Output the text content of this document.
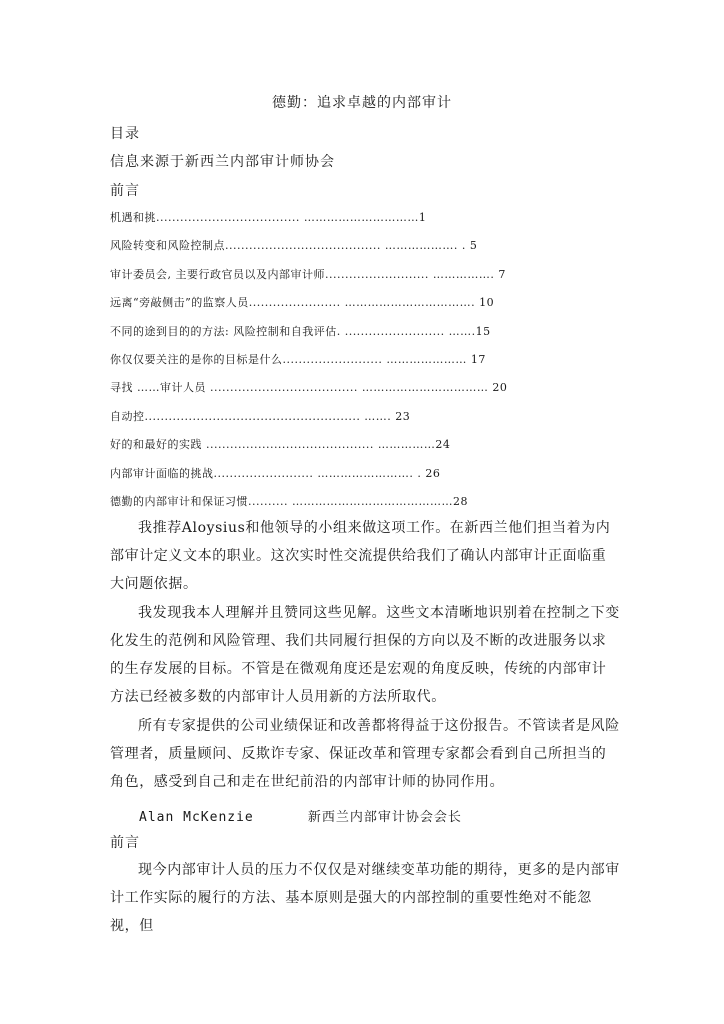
德勤：追求卓越的内部审计
目录
信息来源于新西兰内部审计师协会
前言
机遇和挑.................................... …………………………1
风险转变和风险控制点....................................... ………………. . 5
审计委员会, 主要行政官员以及内部审计师.......................... ……………. 7
远离“旁敲侧击”的监察人员....................... ……………………………. 10
不同的途到目的的方法: 风险控制和自我评估. ......................... …….15
你仅仅要关注的是你的目标是什么......................... ………………… 17
寻找 ……审计人员 ..................................... …………………………… 20
自动控...................................................... ……. 23
好的和最好的实践 .......................................... ……………24
内部审计面临的挑战......................... ……………………. . 26
德勤的内部审计和保证习惯.......... ……………………………………28
我推荐Aloysius和他领导的小组来做这项工作。在新西兰他们担当着为内部审计定义文本的职业。这次实时性交流提供给我们了确认内部审计正面临重大问题依据。
我发现我本人理解并且赞同这些见解。这些文本清晰地识别着在控制之下变化发生的范例和风险管理、我们共同履行担保的方向以及不断的改进服务以求的生存发展的目标。不管是在微观角度还是宏观的角度反映，传统的内部审计方法已经被多数的内部审计人员用新的方法所取代。
所有专家提供的公司业绩保证和改善都将得益于这份报告。不管读者是风险管理者，质量顾问、反欺诈专家、保证改革和管理专家都会看到自己所担当的角色，感受到自己和走在世纪前沿的内部审计师的协同作用。
Alan McKenzie	新西兰内部审计协会会长
前言
现今内部审计人员的压力不仅仅是对继续变革功能的期待，更多的是内部审计工作实际的履行的方法、基本原则是强大的内部控制的重要性绝对不能忽视，但
